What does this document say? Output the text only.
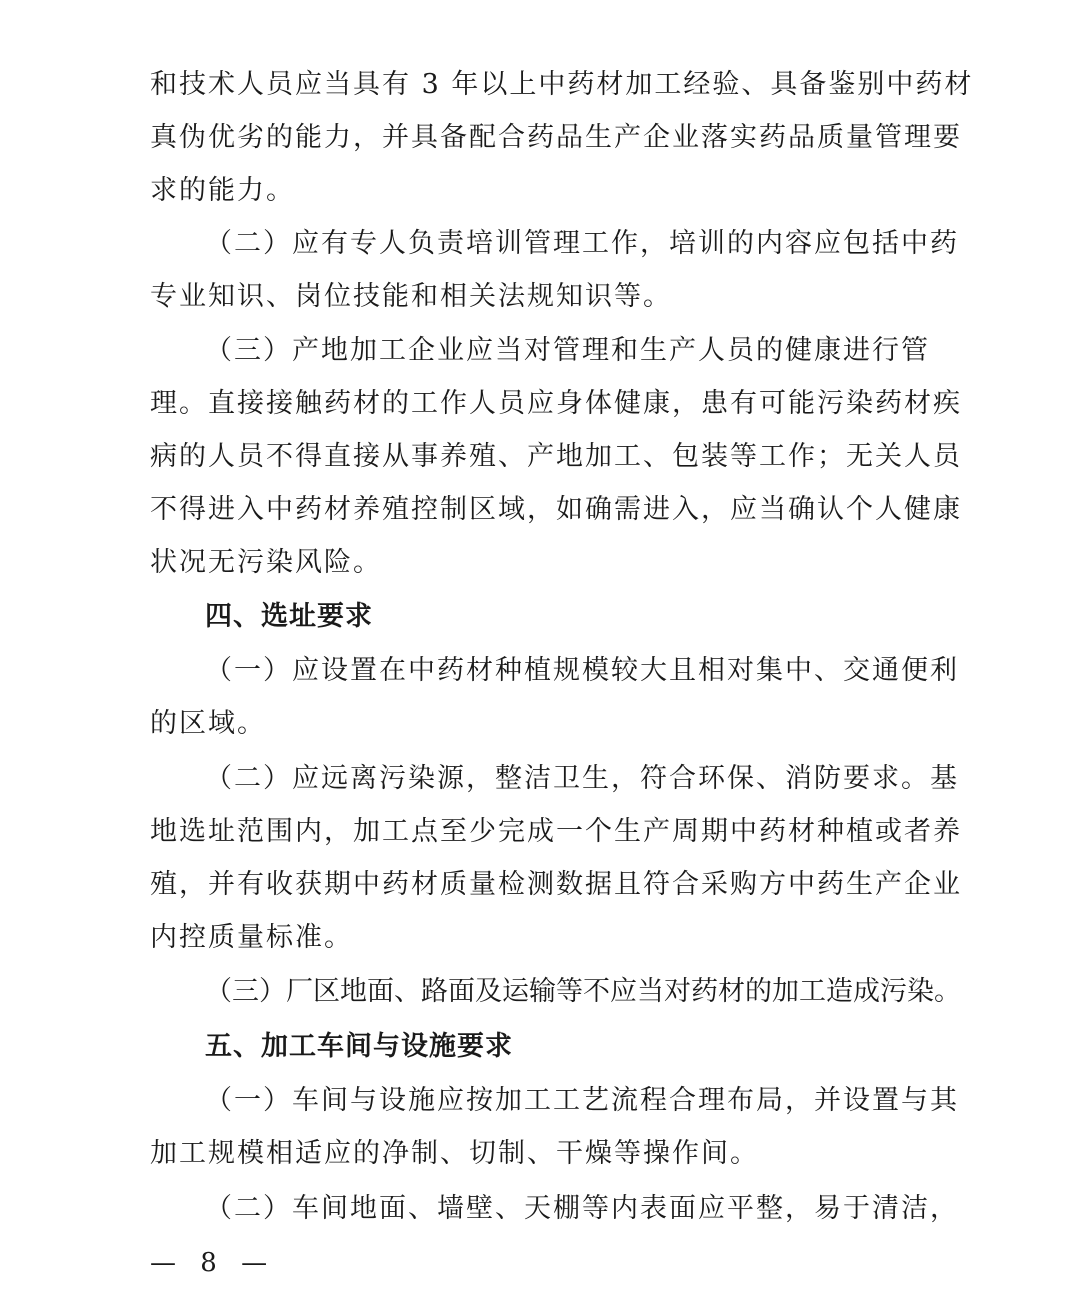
和技术人员应当具有 3 年以上中药材加工经验、具备鉴别中药材
真伪优劣的能力，并具备配合药品生产企业落实药品质量管理要
求的能力。
（二）应有专人负责培训管理工作，培训的内容应包括中药
专业知识、岗位技能和相关法规知识等。
（三）产地加工企业应当对管理和生产人员的健康进行管
理。直接接触药材的工作人员应身体健康，患有可能污染药材疾
病的人员不得直接从事养殖、产地加工、包装等工作；无关人员
不得进入中药材养殖控制区域，如确需进入，应当确认个人健康
状况无污染风险。
四、选址要求
（一）应设置在中药材种植规模较大且相对集中、交通便利
的区域。
（二）应远离污染源，整洁卫生，符合环保、消防要求。基
地选址范围内，加工点至少完成一个生产周期中药材种植或者养
殖，并有收获期中药材质量检测数据且符合采购方中药生产企业
内控质量标准。
（三）厂区地面、路面及运输等不应当对药材的加工造成污染。
五、加工车间与设施要求
（一）车间与设施应按加工工艺流程合理布局，并设置与其
加工规模相适应的净制、切制、干燥等操作间。
（二）车间地面、墙壁、天棚等内表面应平整，易于清洁，
— 8 —
